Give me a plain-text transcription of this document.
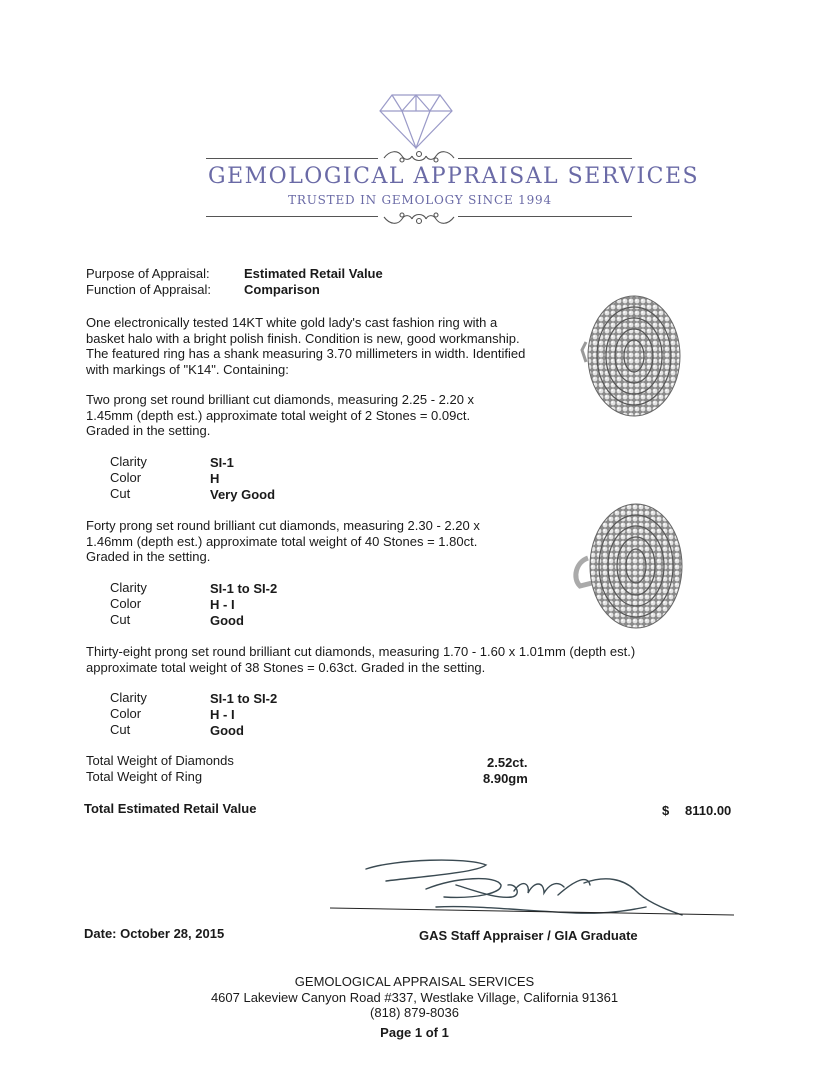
GEMOLOGICAL APPRAISAL SERVICES
TRUSTED IN GEMOLOGY SINCE 1994
Purpose of Appraisal:	Estimated Retail Value
Function of Appraisal:	Comparison
One electronically tested 14KT white gold lady's cast fashion ring with a basket halo with a bright polish finish. Condition is new, good workmanship. The featured ring has a shank measuring 3.70 millimeters in width. Identified with markings of "K14". Containing:
Two prong set round brilliant cut diamonds, measuring 2.25 - 2.20 x 1.45mm (depth est.) approximate total weight of 2 Stones = 0.09ct. Graded in the setting.
Clarity	SI-1
Color	H
Cut	Very Good
Forty prong set round brilliant cut diamonds, measuring 2.30 - 2.20 x 1.46mm (depth est.) approximate total weight of 40 Stones = 1.80ct. Graded in the setting.
Clarity	SI-1 to SI-2
Color	H - I
Cut	Good
Thirty-eight prong set round brilliant cut diamonds, measuring 1.70 - 1.60 x 1.01mm (depth est.) approximate total weight of 38 Stones = 0.63ct. Graded in the setting.
Clarity	SI-1 to SI-2
Color	H - I
Cut	Good
Total Weight of Diamonds	2.52ct.
Total Weight of Ring	8.90gm
Total Estimated Retail Value	$ 8110.00
Date: October 28, 2015	GAS Staff Appraiser / GIA Graduate
GEMOLOGICAL APPRAISAL SERVICES
4607 Lakeview Canyon Road #337, Westlake Village, California 91361
(818) 879-8036
Page 1 of 1
